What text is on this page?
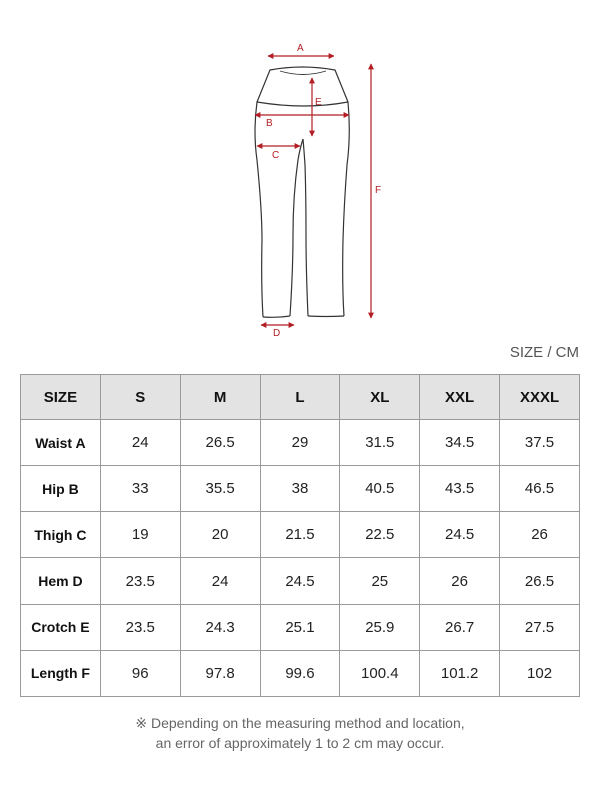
A
B
C
D
E
F
SIZE / CM
SIZE	S	M	L	XL	XXL	XXXL
Waist A	24	26.5	29	31.5	34.5	37.5
Hip B	33	35.5	38	40.5	43.5	46.5
Thigh C	19	20	21.5	22.5	24.5	26
Hem D	23.5	24	24.5	25	26	26.5
Crotch E	23.5	24.3	25.1	25.9	26.7	27.5
Length F	96	97.8	99.6	100.4	101.2	102
※ Depending on the measuring method and location,
an error of approximately 1 to 2 cm may occur.
